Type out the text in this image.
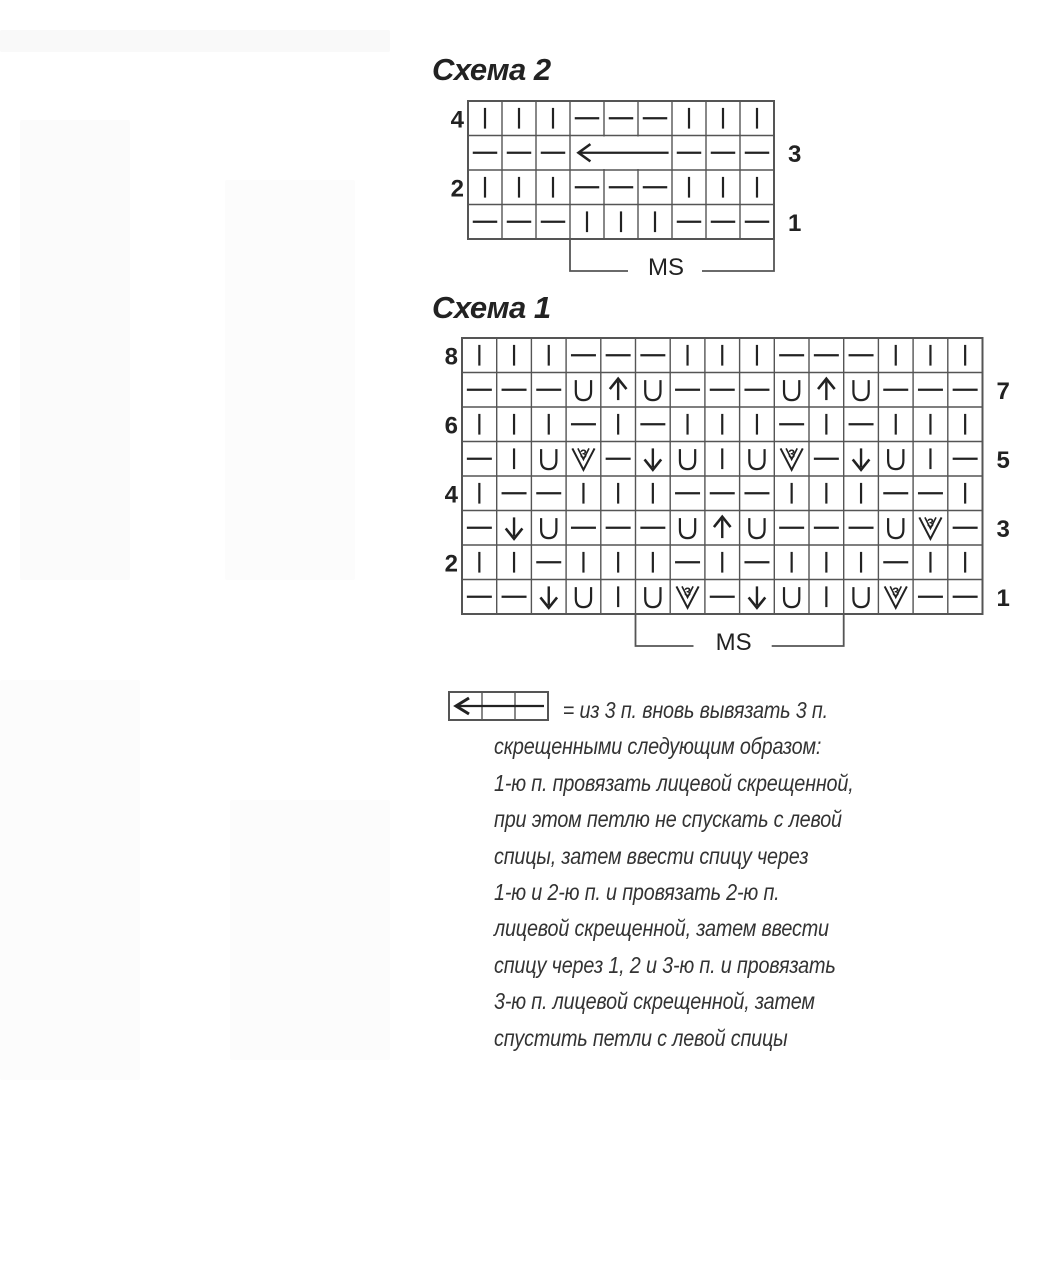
Схема 2
Схема 1
4
2
3
1
MS
3	3
3
3	3
8
6
4
2
7
5
3
1
MS
= из 3 п. вновь вывязать 3 п.
скрещенными следующим образом:
1-ю п. провязать лицевой скрещенной,
при этом петлю не спускать с левой
спицы, затем ввести спицу через
1-ю и 2-ю п. и провязать 2-ю п.
лицевой скрещенной, затем ввести
спицу через 1, 2 и 3-ю п. и провязать
3-ю п. лицевой скрещенной, затем
спустить петли с левой спицы
